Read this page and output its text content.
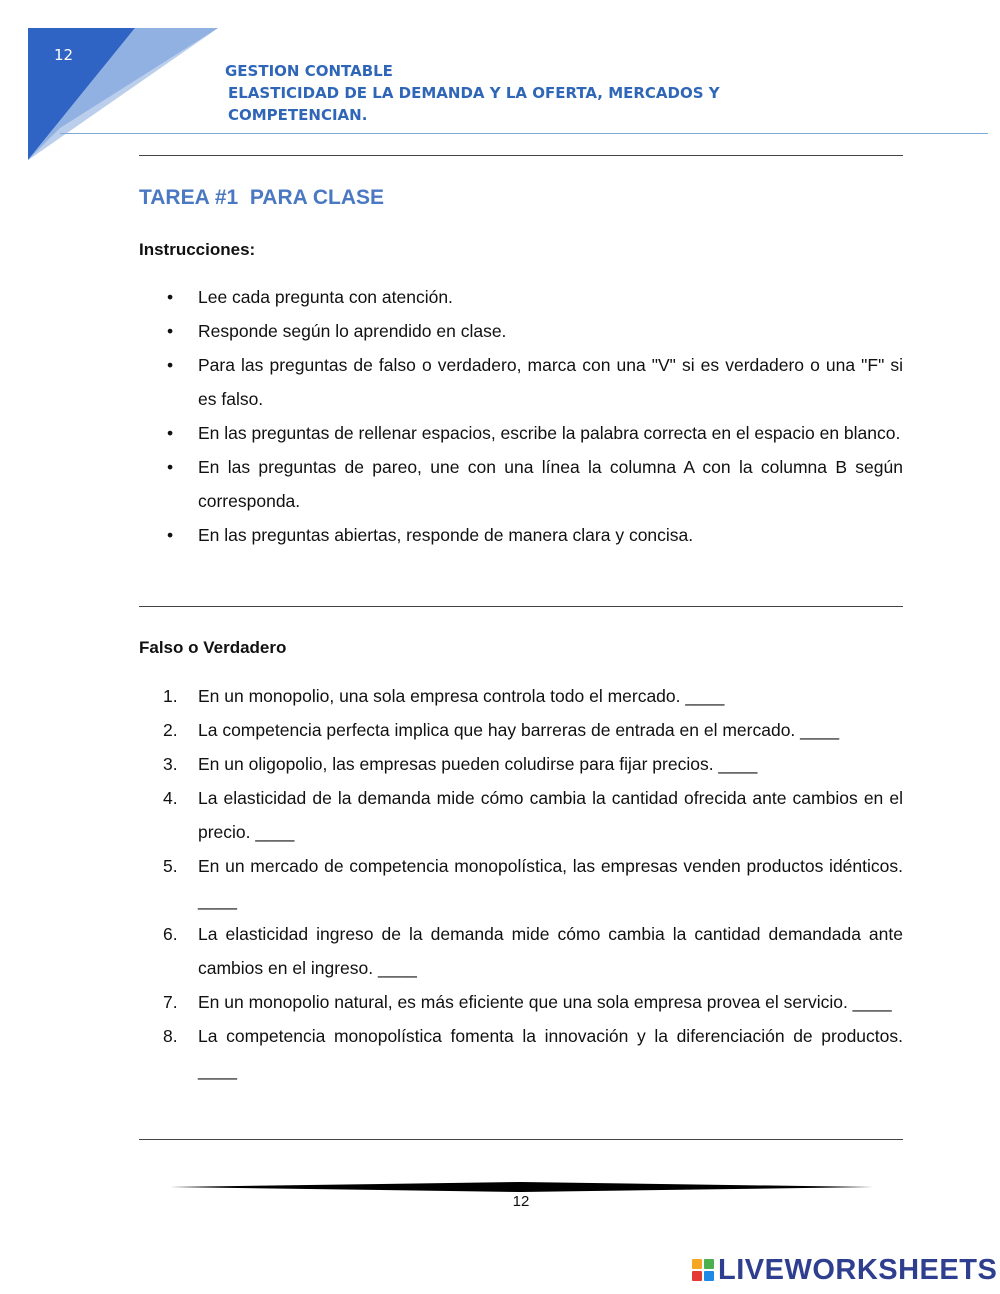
12
GESTION CONTABLE
ELASTICIDAD DE LA DEMANDA Y LA OFERTA, MERCADOS Y
COMPETENCIAN.
TAREA #1  PARA CLASE
Instrucciones:
•	Lee cada pregunta con atención.
•	Responde según lo aprendido en clase.
•	Para las preguntas de falso o verdadero, marca con una "V" si es verdadero o una "F" si es falso.
•	En las preguntas de rellenar espacios, escribe la palabra correcta en el espacio en blanco.
•	En las preguntas de pareo, une con una línea la columna A con la columna B según corresponda.
•	En las preguntas abiertas, responde de manera clara y concisa.
Falso o Verdadero
1. En un monopolio, una sola empresa controla todo el mercado. ____
2. La competencia perfecta implica que hay barreras de entrada en el mercado. ____
3. En un oligopolio, las empresas pueden coludirse para fijar precios. ____
4. La elasticidad de la demanda mide cómo cambia la cantidad ofrecida ante cambios en el precio. ____
5. En un mercado de competencia monopolística, las empresas venden productos idénticos. ____
6. La elasticidad ingreso de la demanda mide cómo cambia la cantidad demandada ante cambios en el ingreso. ____
7. En un monopolio natural, es más eficiente que una sola empresa provea el servicio. ____
8. La competencia monopolística fomenta la innovación y la diferenciación de productos. ____
12
LIVEWORKSHEETS
